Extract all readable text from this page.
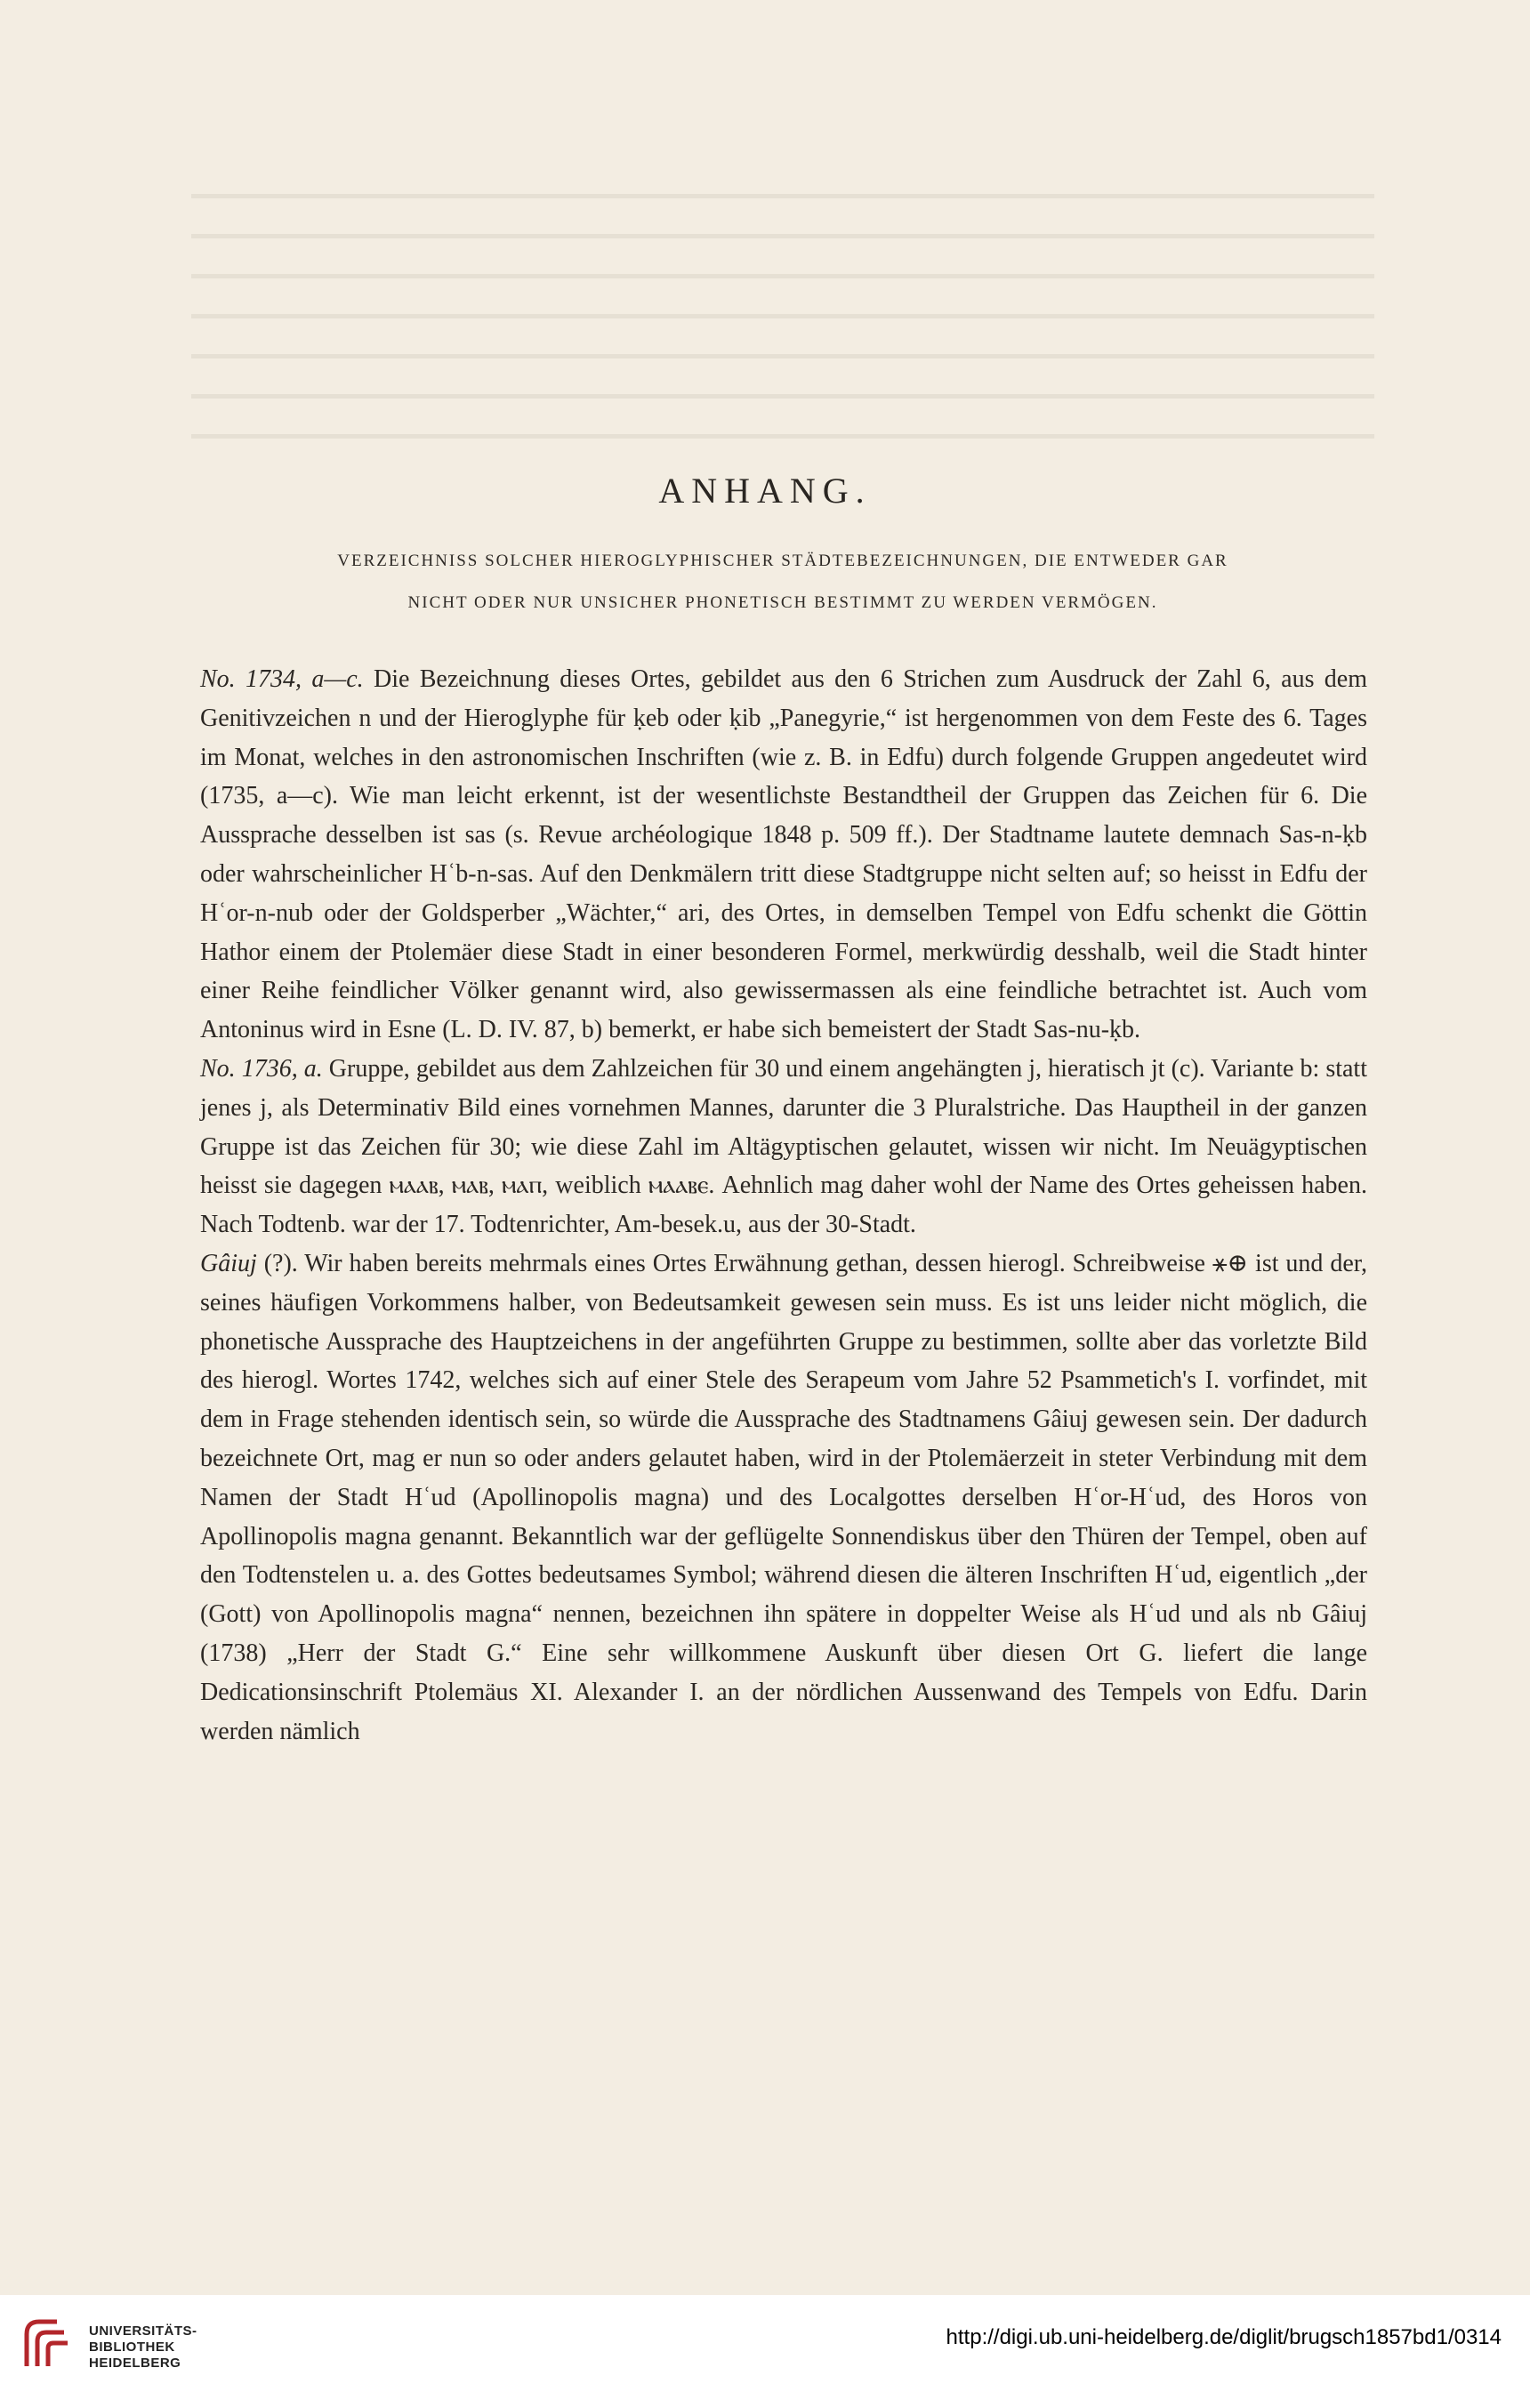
ANHANG.
VERZEICHNISS SOLCHER HIEROGLYPHISCHER STÄDTEBEZEICHNUNGEN, DIE ENTWEDER GAR
NICHT ODER NUR UNSICHER PHONETISCH BESTIMMT ZU WERDEN VERMÖGEN.

No. 1734, a—c. Die Bezeichnung dieses Ortes, gebildet aus den 6 Strichen zum Ausdruck der Zahl 6, aus dem Genitivzeichen n und der Hieroglyphe für ḳeb oder ḳib „Panegyrie,“ ist hergenommen von dem Feste des 6. Tages im Monat, welches in den astronomischen Inschriften (wie z. B. in Edfu) durch folgende Gruppen angedeutet wird (1735, a—c). Wie man leicht erkennt, ist der wesentlichste Bestandtheil der Gruppen das Zeichen für 6. Die Aussprache desselben ist sas (s. Revue archéologique 1848 p. 509 ff.). Der Stadtname lautete demnach Sas-n-ḳb oder wahrscheinlicher Hʿb-n-sas. Auf den Denkmälern tritt diese Stadtgruppe nicht selten auf; so heisst in Edfu der Hʿor-n-nub oder der Goldsperber „Wächter,“ ari, des Ortes, in demselben Tempel von Edfu schenkt die Göttin Hathor einem der Ptolemäer diese Stadt in einer besonderen Formel, merkwürdig desshalb, weil die Stadt hinter einer Reihe feindlicher Völker genannt wird, also gewissermassen als eine feindliche betrachtet ist. Auch vom Antoninus wird in Esne (L. D. IV. 87, b) bemerkt, er habe sich bemeistert der Stadt Sas-nu-ḳb.

No. 1736, a. Gruppe, gebildet aus dem Zahlzeichen für 30 und einem angehängten j, hieratisch jt (c). Variante b: statt jenes j, als Determinativ Bild eines vornehmen Mannes, darunter die 3 Pluralstriche. Das Hauptheil in der ganzen Gruppe ist das Zeichen für 30; wie diese Zahl im Altägyptischen gelautet, wissen wir nicht. Im Neuägyptischen heisst sie dagegen ⲙⲁⲁⲃ, ⲙⲁⲃ, ⲙⲁⲡ, weiblich ⲙⲁⲁⲃⲉ. Aehnlich mag daher wohl der Name des Ortes geheissen haben. Nach Todtenb. war der 17. Todtenrichter, Am-besek.u, aus der 30-Stadt.

Gâiuj (?). Wir haben bereits mehrmals eines Ortes Erwähnung gethan, dessen hierogl. Schreibweise ⚹⊕ ist und der, seines häufigen Vorkommens halber, von Bedeutsamkeit gewesen sein muss. Es ist uns leider nicht möglich, die phonetische Aussprache des Hauptzeichens in der angeführten Gruppe zu bestimmen, sollte aber das vorletzte Bild des hierogl. Wortes 1742, welches sich auf einer Stele des Serapeum vom Jahre 52 Psammetich's I. vorfindet, mit dem in Frage stehenden identisch sein, so würde die Aussprache des Stadtnamens Gâiuj gewesen sein. Der dadurch bezeichnete Ort, mag er nun so oder anders gelautet haben, wird in der Ptolemäerzeit in steter Verbindung mit dem Namen der Stadt Hʿud (Apollinopolis magna) und des Localgottes derselben Hʿor-Hʿud, des Horos von Apollinopolis magna genannt. Bekanntlich war der geflügelte Sonnendiskus über den Thüren der Tempel, oben auf den Todtenstelen u. a. des Gottes bedeutsames Symbol; während diesen die älteren Inschriften Hʿud, eigentlich „der (Gott) von Apollinopolis magna“ nennen, bezeichnen ihn spätere in doppelter Weise als Hʿud und als nb Gâiuj (1738) „Herr der Stadt G.“ Eine sehr willkommene Auskunft über diesen Ort G. liefert die lange Dedicationsinschrift Ptolemäus XI. Alexander I. an der nördlichen Aussenwand des Tempels von Edfu. Darin werden nämlich

UNIVERSITÄTS-
BIBLIOTHEK
HEIDELBERG
http://digi.ub.uni-heidelberg.de/diglit/brugsch1857bd1/0314
